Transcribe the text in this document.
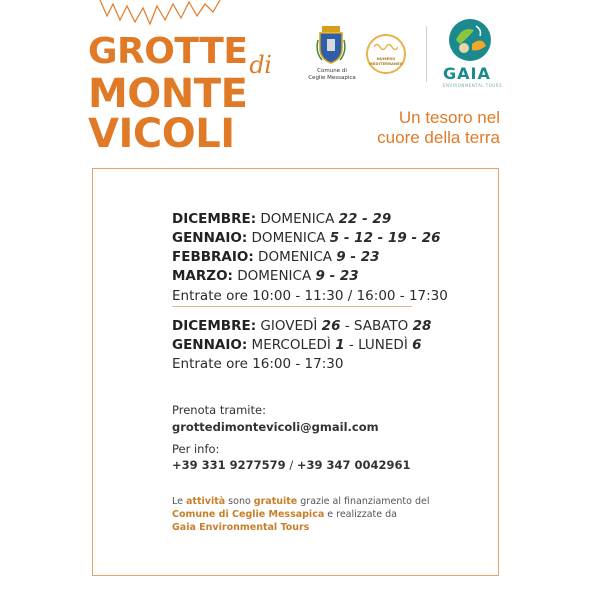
$GROTTE_{di}$
MONTE
VICOLI
Comune di
Ceglie Messapica
NUMERO MEDITERRANEO
GAIA
ENVIRONMENTAL TOURS
Un tesoro nel
cuore della terra
DICEMBRE: DOMENICA 22 - 29
GENNAIO: DOMENICA 5 - 12 - 19 - 26
FEBBRAIO: DOMENICA 9 - 23
MARZO: DOMENICA 9 - 23
Entrate ore 10:00 - 11:30 / 16:00 - 17:30
DICEMBRE: GIOVEDÌ 26 - SABATO 28
GENNAIO: MERCOLEDÌ 1 - LUNEDÌ 6
Entrate ore 16:00 - 17:30
Prenota tramite:
grottedimontevicoli@gmail.com
Per info:
+39 331 9277579 / +39 347 0042961
Le attività sono gratuite grazie al finanziamento del
Comune di Ceglie Messapica e realizzate da
Gaia Environmental Tours
